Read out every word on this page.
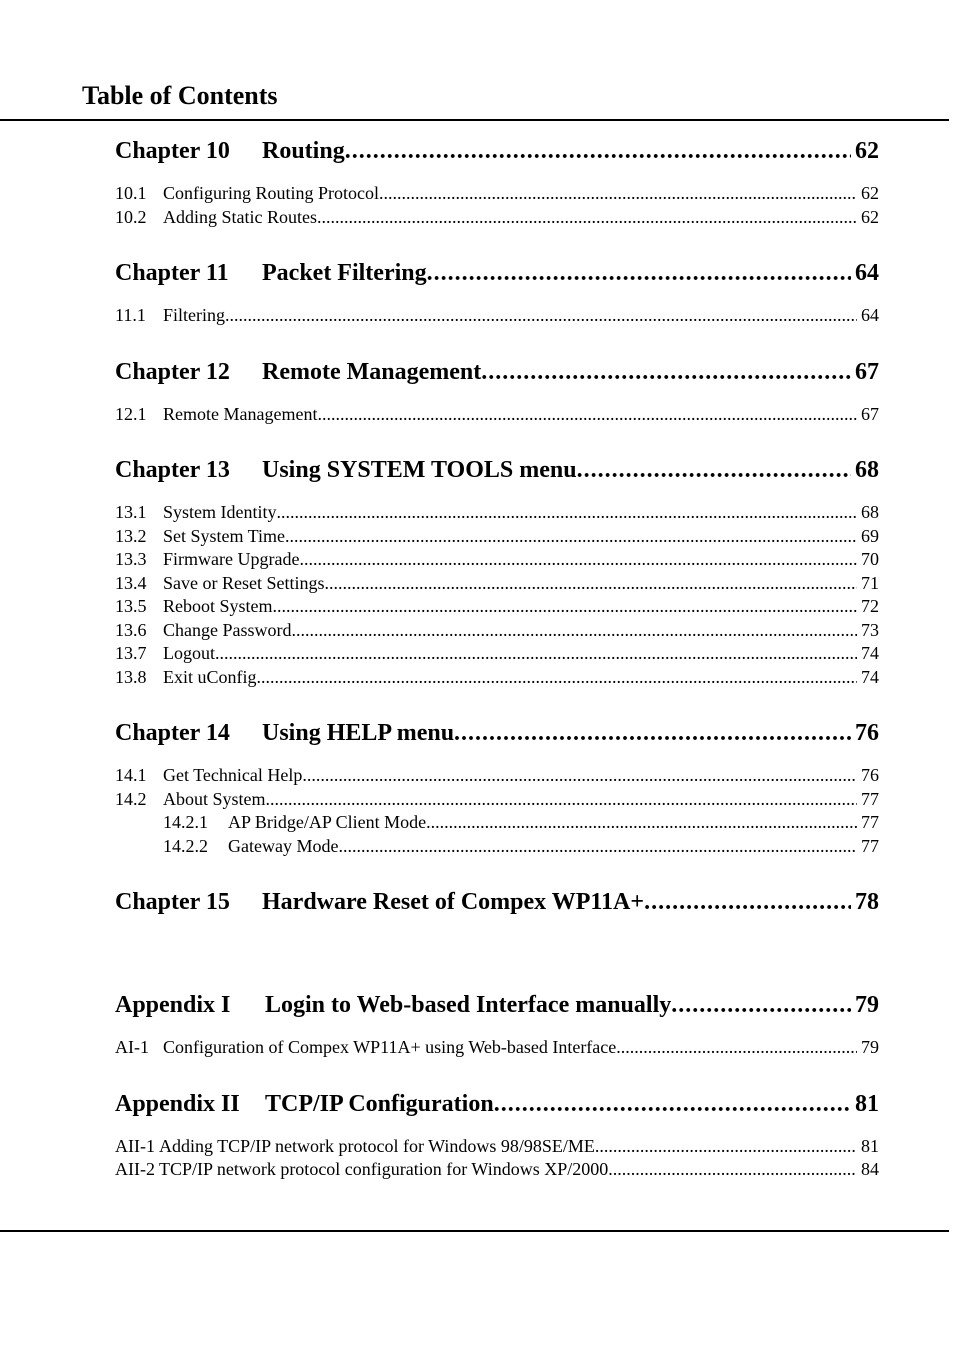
Table of Contents
Chapter 10	Routing .....	62
10.1 Configuring Routing Protocol .....	62
10.2 Adding Static Routes .....	62
Chapter 11	Packet Filtering .....	64
11.1 Filtering .....	64
Chapter 12	Remote Management .....	67
12.1 Remote Management .....	67
Chapter 13	Using SYSTEM TOOLS menu .....	68
13.1 System Identity .....	68
13.2 Set System Time .....	69
13.3 Firmware Upgrade .....	70
13.4 Save or Reset Settings .....	71
13.5 Reboot System .....	72
13.6 Change Password .....	73
13.7 Logout .....	74
13.8 Exit uConfig .....	74
Chapter 14	Using HELP menu .....	76
14.1 Get Technical Help .....	76
14.2 About System .....	77
14.2.1	AP Bridge/AP Client Mode .....	77
14.2.2	Gateway Mode .....	77
Chapter 15	Hardware Reset of Compex WP11A+ .....	78
Appendix I	Login to Web-based Interface manually .....	79
AI-1 Configuration of Compex WP11A+ using Web-based Interface .....	79
Appendix II	TCP/IP Configuration .....	81
AII-1 Adding TCP/IP network protocol for Windows 98/98SE/ME .....	81
AII-2 TCP/IP network protocol configuration for Windows XP/2000 .....	84
